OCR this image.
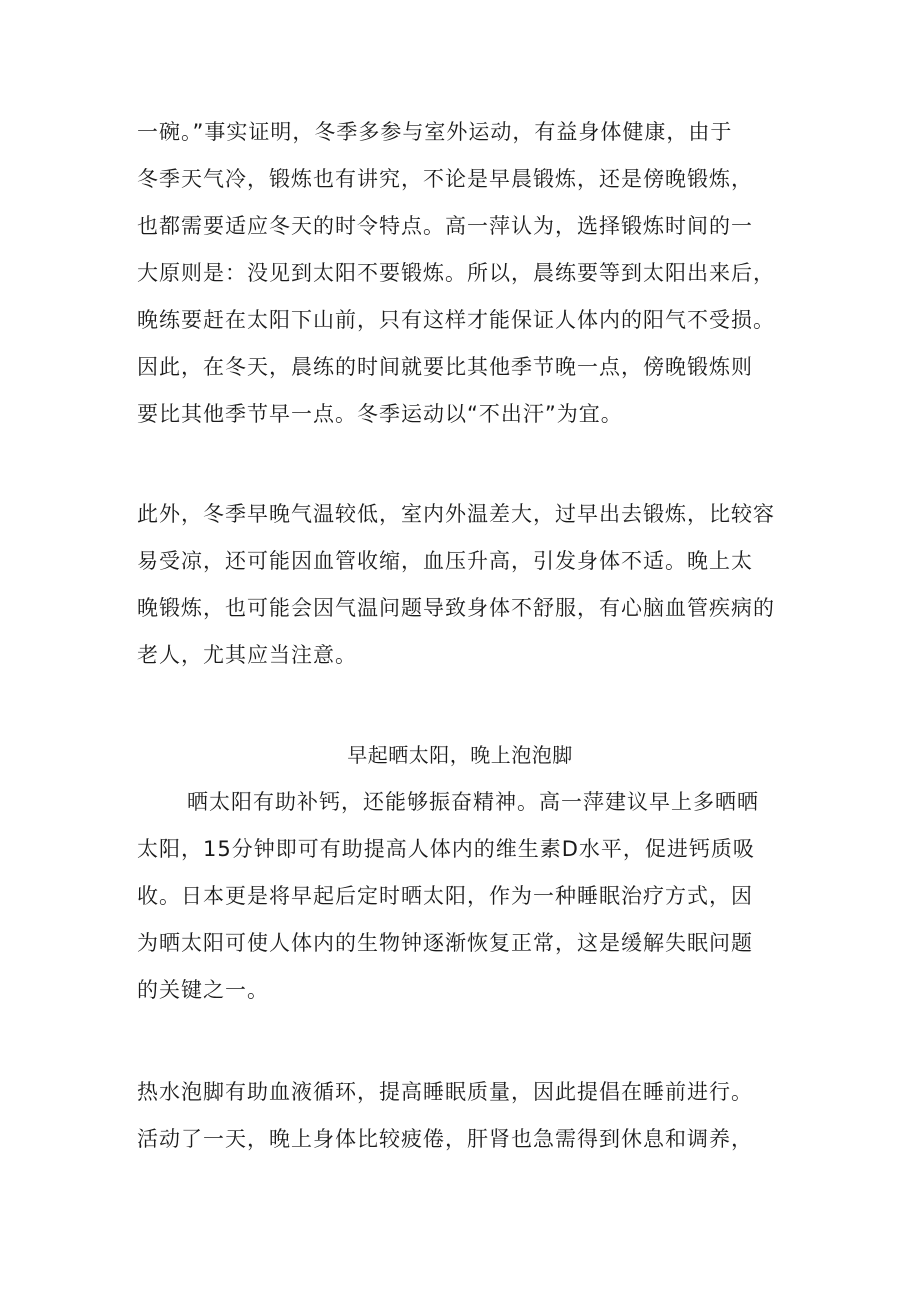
一碗。”事实证明，冬季多参与室外运动，有益身体健康，由于
冬季天气冷，锻炼也有讲究，不论是早晨锻炼，还是傍晚锻炼，
也都需要适应冬天的时令特点。高一萍认为，选择锻炼时间的一
大原则是：没见到太阳不要锻炼。所以，晨练要等到太阳出来后，
晚练要赶在太阳下山前，只有这样才能保证人体内的阳气不受损。
因此，在冬天，晨练的时间就要比其他季节晚一点，傍晚锻炼则
要比其他季节早一点。冬季运动以“不出汗”为宜。
此外，冬季早晚气温较低，室内外温差大，过早出去锻炼，比较容
易受凉，还可能因血管收缩，血压升高，引发身体不适。晚上太
晚锻炼，也可能会因气温问题导致身体不舒服，有心脑血管疾病的
老人，尤其应当注意。
早起晒太阳，晚上泡泡脚
晒太阳有助补钙，还能够振奋精神。高一萍建议早上多晒晒
太阳，15分钟即可有助提高人体内的维生素D水平，促进钙质吸
收。日本更是将早起后定时晒太阳，作为一种睡眠治疗方式，因
为晒太阳可使人体内的生物钟逐渐恢复正常，这是缓解失眠问题
的关键之一。
热水泡脚有助血液循环，提高睡眠质量，因此提倡在睡前进行。
活动了一天，晚上身体比较疲倦，肝肾也急需得到休息和调养，
